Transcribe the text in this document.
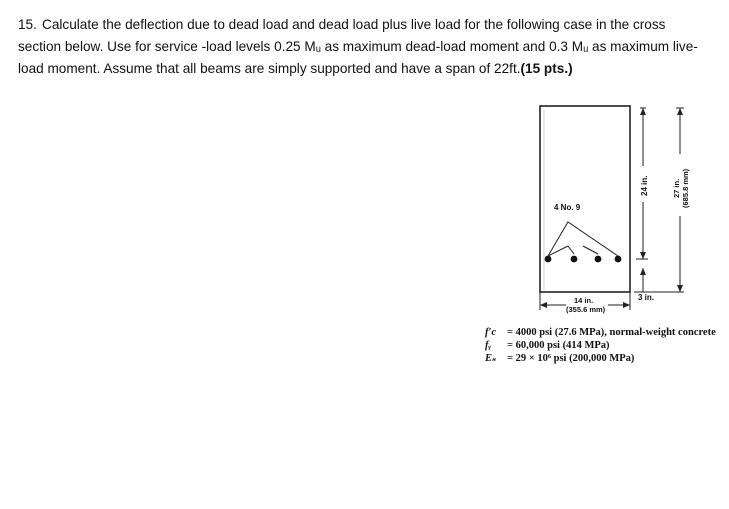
15. Calculate the deflection due to dead load and dead load plus live load for the following case in the cross section below. Use for service -load levels 0.25 Mᵤ as maximum dead-load moment and 0.3 Mᵤ as maximum live-load moment. Assume that all beams are simply supported and have a span of 22ft.(15 pts.)
4 No. 9
24 in.	27 in. (685.8 mm)
3 in.
14 in.
(355.6 mm)
f′c = 4000 psi (27.6 MPa), normal-weight concrete
fᵧ = 60,000 psi (414 MPa)
Eₛ = 29 × 10⁶ psi (200,000 MPa)
